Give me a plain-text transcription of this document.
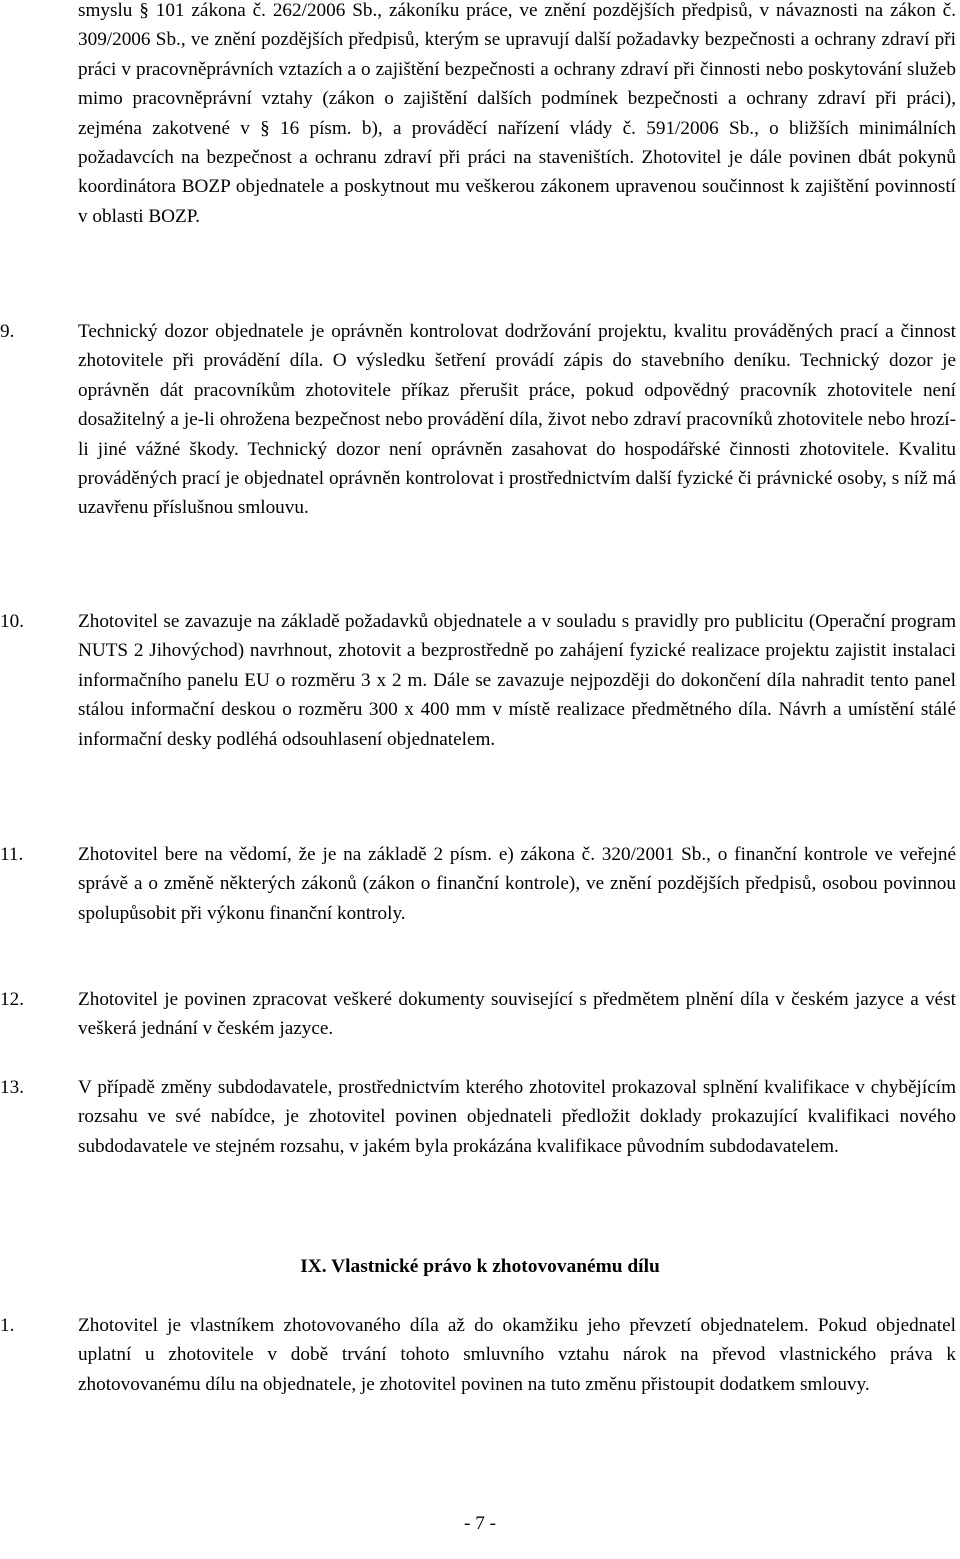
smyslu § 101 zákona č. 262/2006 Sb., zákoníku práce, ve znění pozdějších předpisů, v návaznosti na zákon č. 309/2006 Sb., ve znění pozdějších předpisů, kterým se upravují další požadavky bezpečnosti a ochrany zdraví při práci v pracovněprávních vztazích a o zajištění bezpečnosti a ochrany zdraví při činnosti nebo poskytování služeb mimo pracovněprávní vztahy (zákon o zajištění dalších podmínek bezpečnosti a ochrany zdraví při práci), zejména zakotvené v § 16 písm. b), a prováděcí nařízení vlády č. 591/2006 Sb., o bližších minimálních požadavcích na bezpečnost a ochranu zdraví při práci na staveništích. Zhotovitel je dále povinen dbát pokynů koordinátora BOZP objednatele a poskytnout mu veškerou zákonem upravenou součinnost k zajištění povinností v oblasti BOZP.

9.	Technický dozor objednatele je oprávněn kontrolovat dodržování projektu, kvalitu prováděných prací a činnost zhotovitele při provádění díla. O výsledku šetření provádí zápis do stavebního deníku. Technický dozor je oprávněn dát pracovníkům zhotovitele příkaz přerušit práce, pokud odpovědný pracovník zhotovitele není dosažitelný a je-li ohrožena bezpečnost nebo provádění díla, život nebo zdraví pracovníků zhotovitele nebo hrozí-li jiné vážné škody. Technický dozor není oprávněn zasahovat do hospodářské činnosti zhotovitele. Kvalitu prováděných prací je objednatel oprávněn kontrolovat i prostřednictvím další fyzické či právnické osoby, s níž má uzavřenu příslušnou smlouvu.

10.	Zhotovitel se zavazuje na základě požadavků objednatele a v souladu s pravidly pro publicitu (Operační program NUTS 2 Jihovýchod) navrhnout, zhotovit a bezprostředně po zahájení fyzické realizace projektu zajistit instalaci informačního panelu EU o rozměru 3 x 2 m. Dále se zavazuje nejpozději do dokončení díla nahradit tento panel stálou informační deskou o rozměru 300 x 400 mm v místě realizace předmětného díla. Návrh a umístění stálé informační desky podléhá odsouhlasení objednatelem.

11.	Zhotovitel bere na vědomí, že je na základě 2 písm. e) zákona č. 320/2001 Sb., o finanční kontrole ve veřejné správě a o změně některých zákonů (zákon o finanční kontrole), ve znění pozdějších předpisů, osobou povinnou spolupůsobit při výkonu finanční kontroly.

12.	Zhotovitel je povinen zpracovat veškeré dokumenty související s předmětem plnění díla v českém jazyce a vést veškerá jednání v českém jazyce.

13.	V případě změny subdodavatele, prostřednictvím kterého zhotovitel prokazoval splnění kvalifikace v chybějícím rozsahu ve své nabídce, je zhotovitel povinen objednateli předložit doklady prokazující kvalifikaci nového subdodavatele ve stejném rozsahu, v jakém byla prokázána kvalifikace původním subdodavatelem.

IX. Vlastnické právo k zhotovovanému dílu

1.	Zhotovitel je vlastníkem zhotovovaného díla až do okamžiku jeho převzetí objednatelem. Pokud objednatel uplatní u zhotovitele v době trvání tohoto smluvního vztahu nárok na převod vlastnického práva k zhotovovanému dílu na objednatele, je zhotovitel povinen na tuto změnu přistoupit dodatkem smlouvy.

- 7 -
